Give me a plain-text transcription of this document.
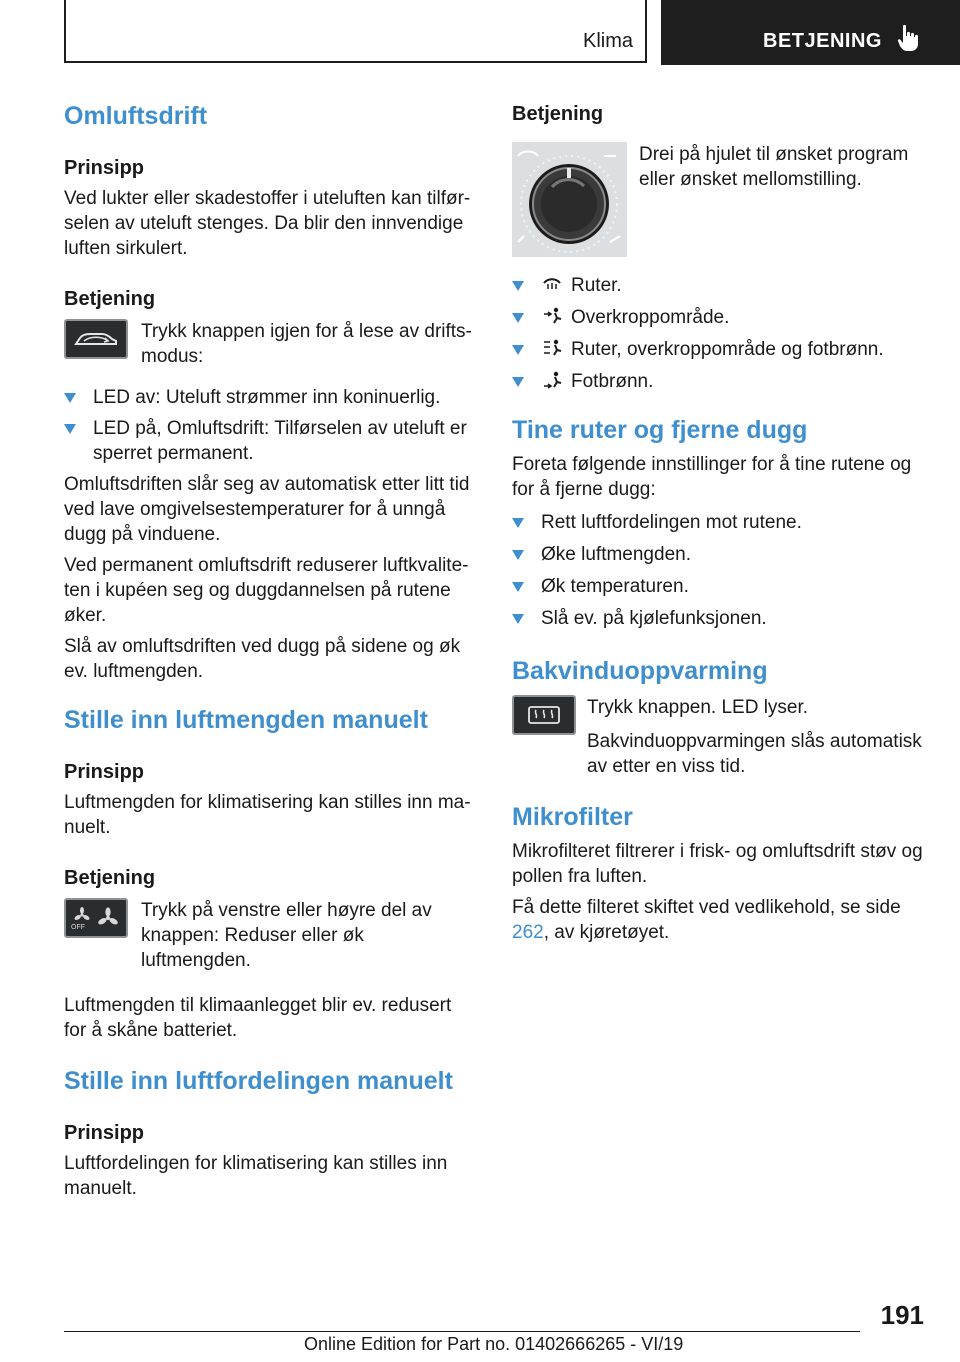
Klima	BETJENING
Omluftsdrift
Prinsipp

Ved lukter eller skadestoffer i uteluften kan tilfør-selen av uteluft stenges. Da blir den innvendige luften sirkulert.

Betjening

Trykk knappen igjen for å lese av drifts-modus:

LED av: Uteluft strømmer inn koninuerlig.
LED på, Omluftsdrift: Tilførselen av uteluft er sperret permanent.

Omluftsdriften slår seg av automatisk etter litt tid ved lave omgivelsestemperaturer for å unngå dugg på vinduene.

Ved permanent omluftsdrift reduserer luftkvalite-ten i kupéen seg og duggdannelsen på rutene øker.

Slå av omluftsdriften ved dugg på sidene og øk ev. luftmengden.

Stille inn luftmengden manuelt
Prinsipp

Luftmengden for klimatisering kan stilles inn ma-nuelt.

Betjening
OFF

Trykk på venstre eller høyre del av knappen: Reduser eller øk luftmengden.

Luftmengden til klimaanlegget blir ev. redusert for å skåne batteriet.

Stille inn luftfordelingen manuelt
Prinsipp

Luftfordelingen for klimatisering kan stilles inn manuelt.

Betjening

Drei på hjulet til ønsket program eller ønsket mellomstilling.

Ruter.
Overkroppområde.
Ruter, overkroppområde og fotbrønn.
Fotbrønn.
Tine ruter og fjerne dugg

Foreta følgende innstillinger for å tine rutene og for å fjerne dugg:

Rett luftfordelingen mot rutene.
Øke luftmengden.
Øk temperaturen.
Slå ev. på kjølefunksjonen.
Bakvinduoppvarming

Trykk knappen. LED lyser.

Bakvinduoppvarmingen slås automatisk av etter en viss tid.

Mikrofilter

Mikrofilteret filtrerer i frisk- og omluftsdrift støv og pollen fra luften.

Få dette filteret skiftet ved vedlikehold, se side 262, av kjøretøyet.

191
Online Edition for Part no. 01402666265 - VI/19
